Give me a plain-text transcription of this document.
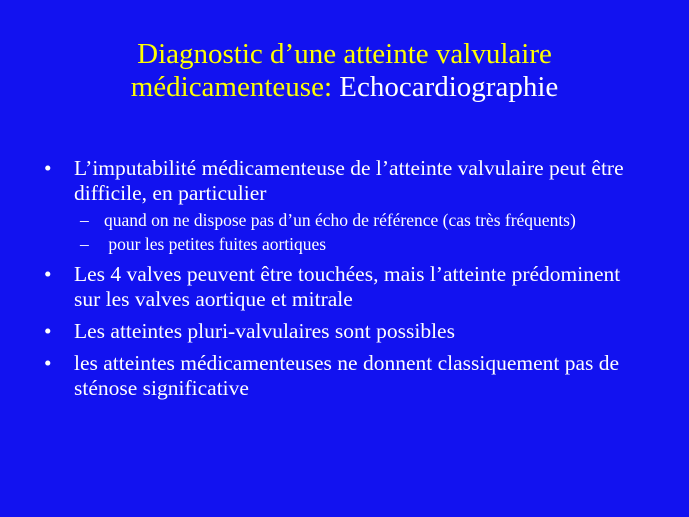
Diagnostic d’une atteinte valvulaire
médicamenteuse: Echocardiographie
• L’imputabilité médicamenteuse de l’atteinte valvulaire peut être difficile, en particulier
– quand on ne dispose pas d’un écho de référence (cas très fréquents)
– pour les petites fuites aortiques
• Les 4 valves peuvent être touchées, mais l’atteinte prédominent sur les valves aortique et mitrale
• Les atteintes pluri-valvulaires sont possibles
• les atteintes médicamenteuses ne donnent classiquement pas de sténose significative
